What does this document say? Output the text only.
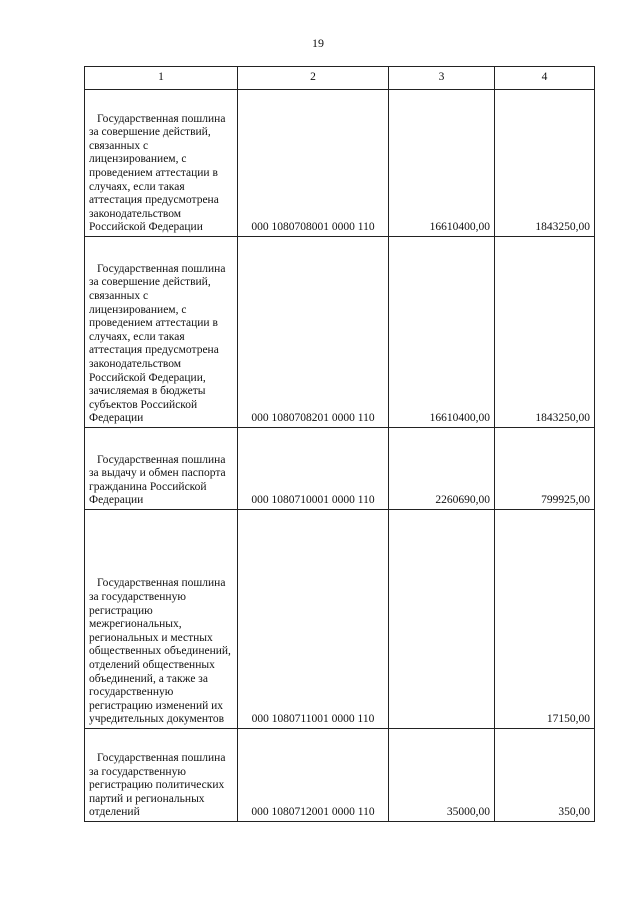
19
1	2	3	4

Государственная пошлина за совершение действий, связанных с лицензированием, с проведением аттестации в случаях, если такая аттестация предусмотрена законодательством Российской Федерации	000 1080708001 0000 110	16610400,00	1843250,00

Государственная пошлина за совершение действий, связанных с лицензированием, с проведением аттестации в случаях, если такая аттестация предусмотрена законодательством Российской Федерации, зачисляемая в бюджеты субъектов Российской Федерации	000 1080708201 0000 110	16610400,00	1843250,00

Государственная пошлина за выдачу и обмен паспорта гражданина Российской Федерации	000 1080710001 0000 110	2260690,00	799925,00

Государственная пошлина за государственную регистрацию межрегиональных, региональных и местных общественных объединений, отделений общественных объединений, а также за государственную регистрацию изменений их учредительных документов	000 1080711001 0000 110		17150,00

Государственная пошлина за государственную регистрацию политических партий и региональных отделений	000 1080712001 0000 110	35000,00	350,00
